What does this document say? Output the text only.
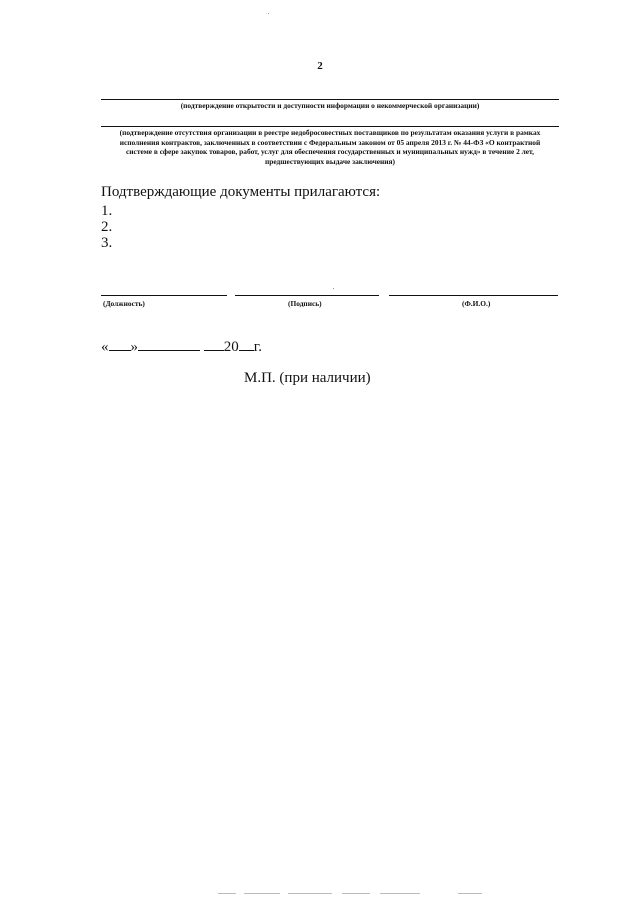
2
(подтверждение открытости и доступности информации о некоммерческой организации)
(подтверждение отсутствия организации в реестре недобросовестных поставщиков по результатам оказания услуги в рамках
исполнения контрактов, заключенных в соответствии с Федеральным законом от 05 апреля 2013 г. № 44-ФЗ «О контрактной
системе в сфере закупок товаров, работ, услуг для обеспечения государственных и муниципальных нужд» в течение 2 лет,
предшествующих выдаче заключения)
Подтверждающие документы прилагаются:
1.
2.
3.
(Должность)	(Подпись)	(Ф.И.О.)
« »	20 г.
М.П. (при наличии)
